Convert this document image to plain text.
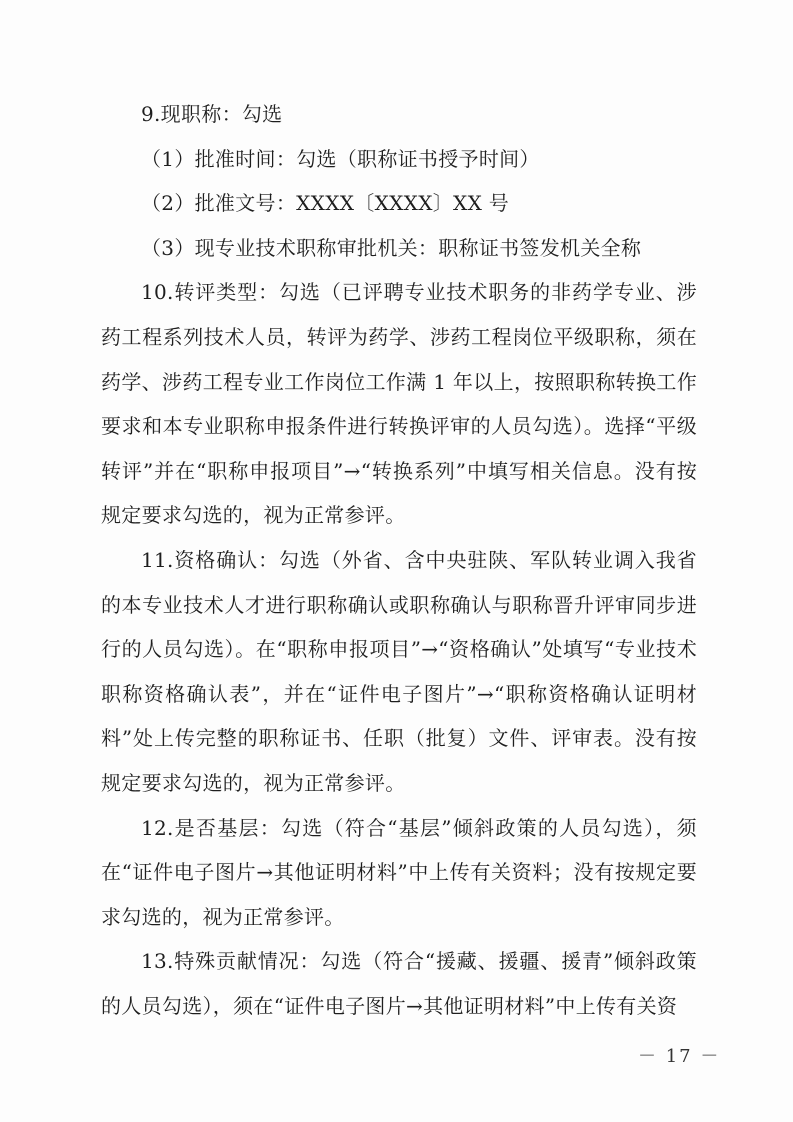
9.现职称：勾选

（1）批准时间：勾选（职称证书授予时间）

（2）批准文号：XXXX〔XXXX〕XX 号

（3）现专业技术职称审批机关：职称证书签发机关全称

10.转评类型：勾选（已评聘专业技术职务的非药学专业、涉药工程系列技术人员，转评为药学、涉药工程岗位平级职称，须在药学、涉药工程专业工作岗位工作满 1 年以上，按照职称转换工作要求和本专业职称申报条件进行转换评审的人员勾选）。选择“平级转评”并在“职称申报项目”→“转换系列”中填写相关信息。没有按规定要求勾选的，视为正常参评。

11.资格确认：勾选（外省、含中央驻陕、军队转业调入我省的本专业技术人才进行职称确认或职称确认与职称晋升评审同步进行的人员勾选）。在“职称申报项目”→“资格确认”处填写“专业技术职称资格确认表”，并在“证件电子图片”→“职称资格确认证明材料”处上传完整的职称证书、任职（批复）文件、评审表。没有按规定要求勾选的，视为正常参评。

12.是否基层：勾选（符合“基层”倾斜政策的人员勾选），须在“证件电子图片→其他证明材料”中上传有关资料；没有按规定要求勾选的，视为正常参评。

13.特殊贡献情况：勾选（符合“援藏、援疆、援青”倾斜政策的人员勾选），须在“证件电子图片→其他证明材料”中上传有关资

－ 17 －
